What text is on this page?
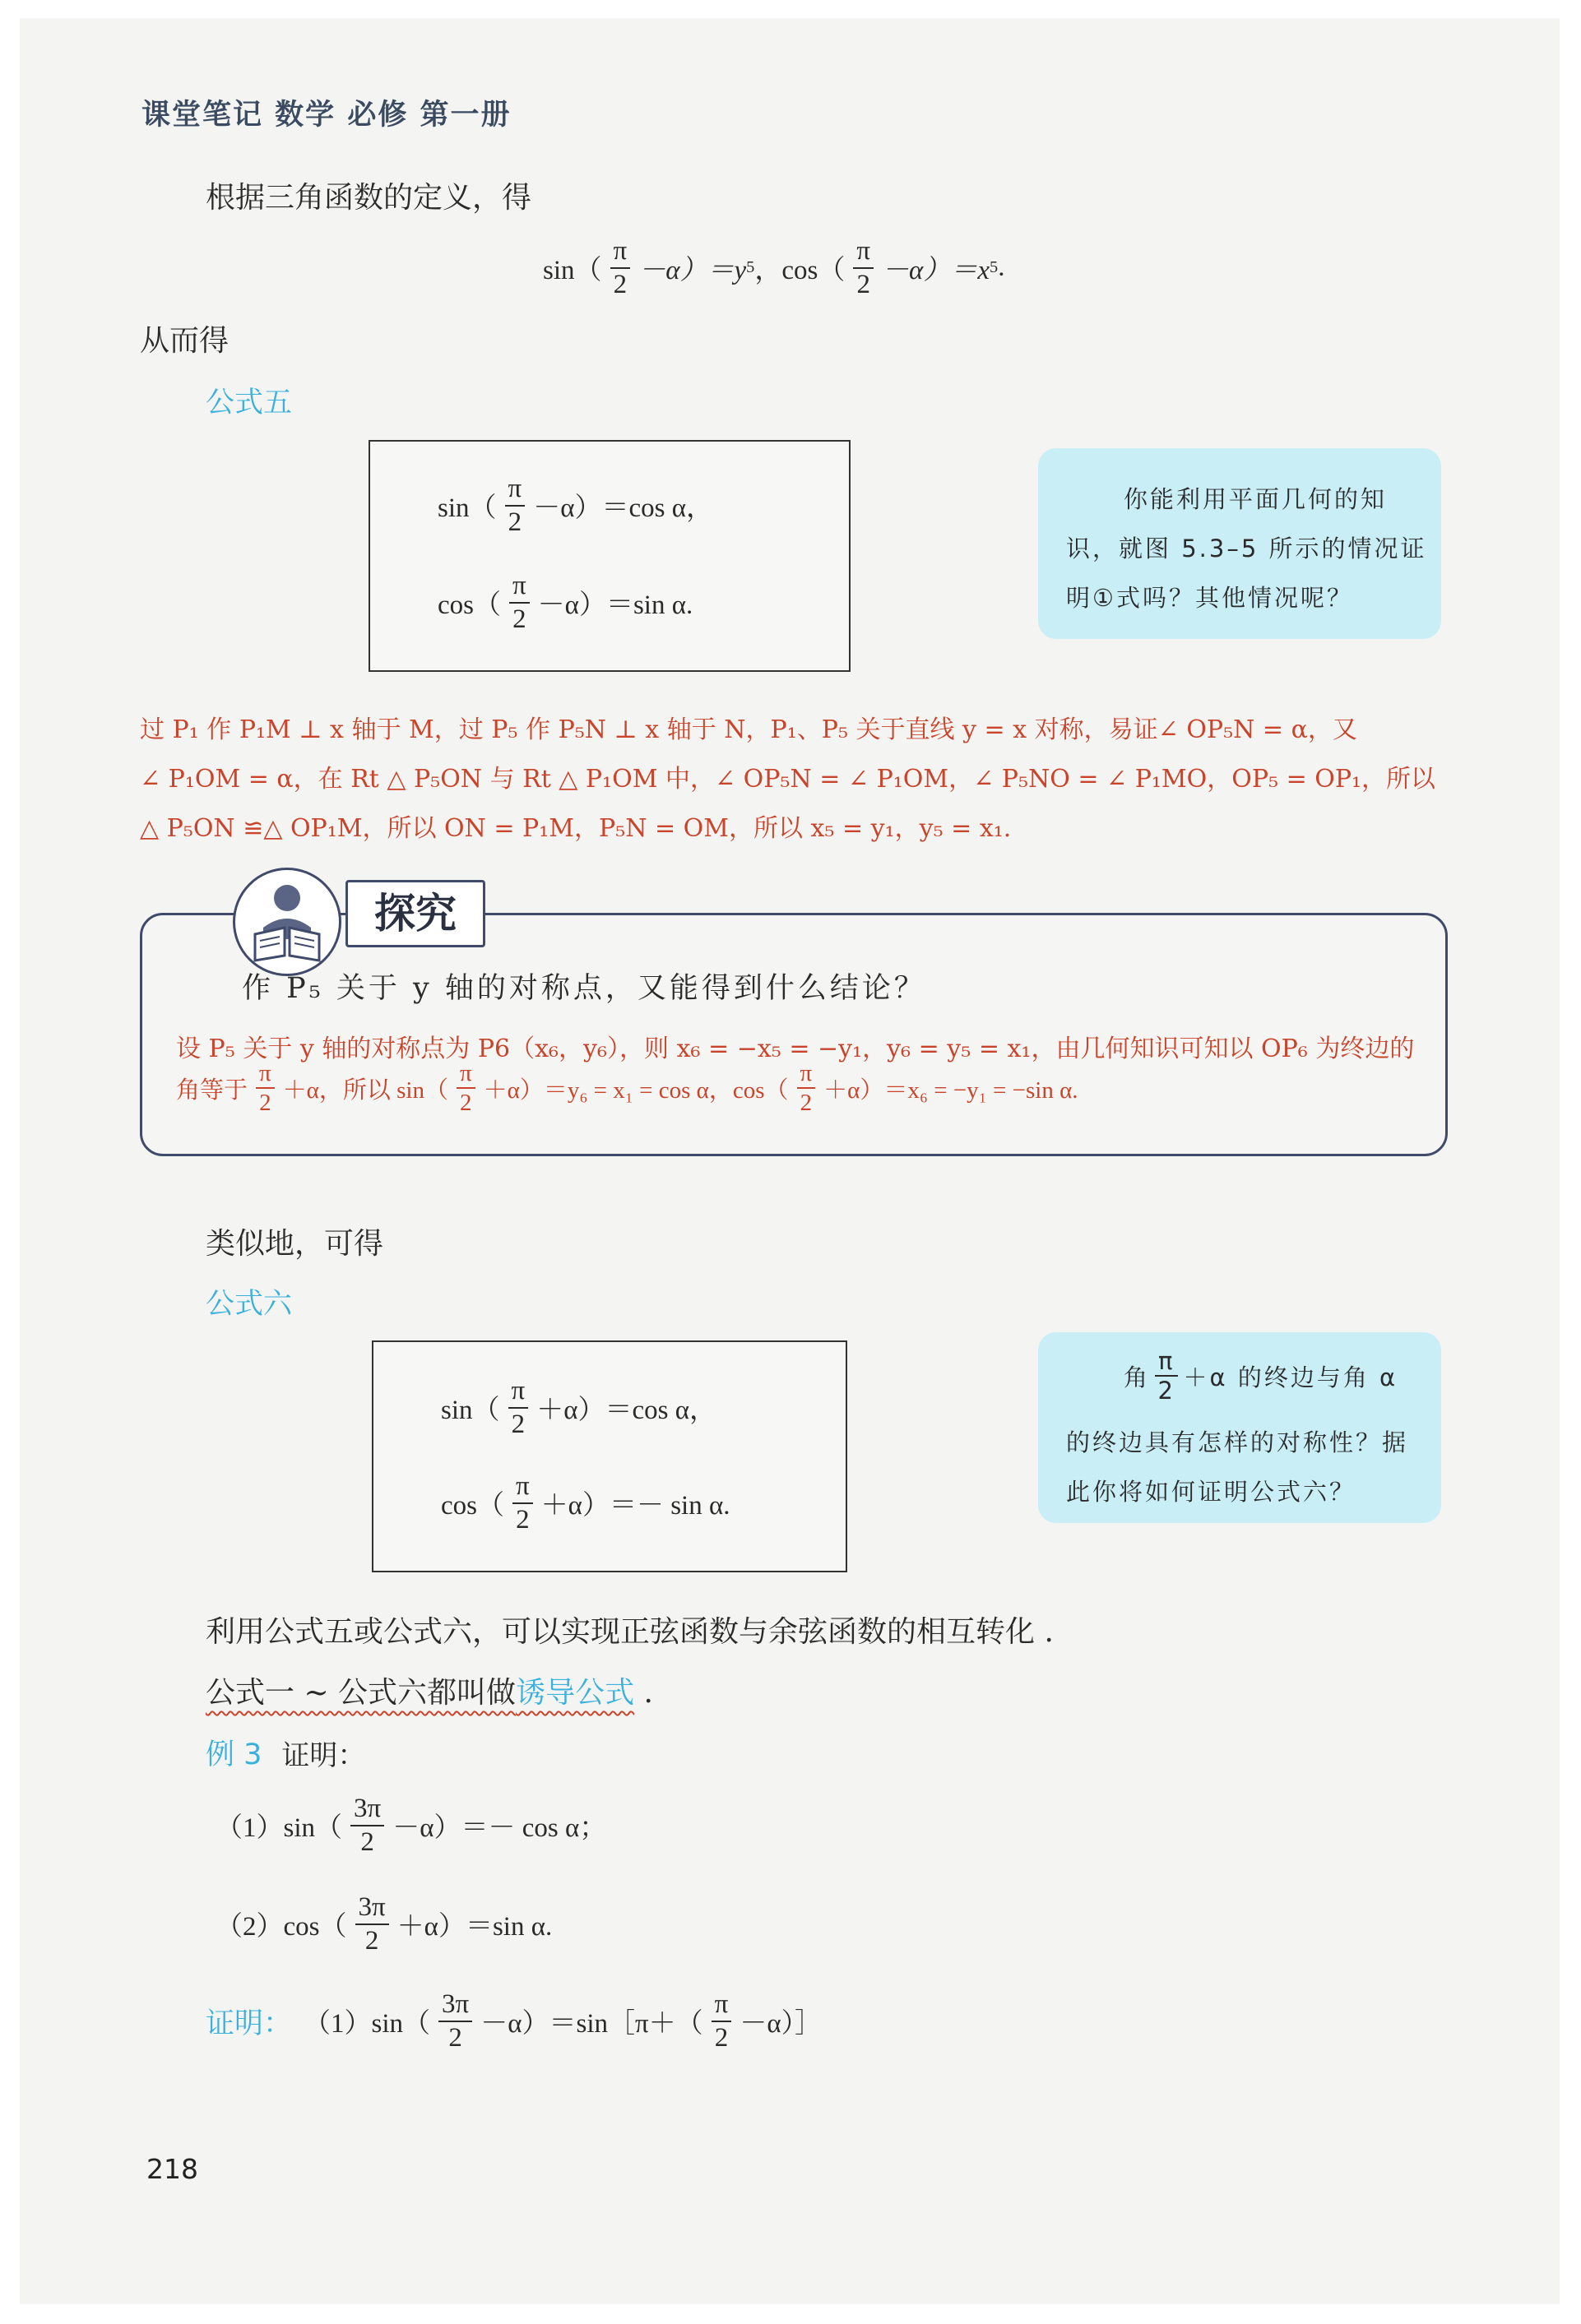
课堂笔记 数学 必修 第一册
根据三角函数的定义，得
$\sin( \frac{\pi}{2} -\alpha)=y$ 5 ，$\cos( \frac{\pi}{2} -\alpha)=x$ 5 .
从而得
公式五
$\sin( \frac{\pi}{2} -\alpha)=\cos$ α，
$\cos( \frac{\pi}{2} -\alpha)=\sin$ α.
你能利用平面几何的知
识，就图 5.3–5 所示的情况证
明①式吗？其他情况呢？
过 P₁ 作 P₁M ⊥ x 轴于 M，过 P₅ 作 P₅N ⊥ x 轴于 N，P₁、P₅ 关于直线 y = x 对称，易证∠ OP₅N = α，又
∠ P₁OM = α，在 Rt △ P₅ON 与 Rt △ P₁OM 中，∠ OP₅N = ∠ P₁OM，∠ P₅NO = ∠ P₁MO，OP₅ = OP₁，所以
△ P₅ON ≌△ OP₁M，所以 ON = P₁M，P₅N = OM，所以 x₅ = y₁，y₅ = x₁.
探究
作 P₅ 关于 y 轴的对称点，又能得到什么结论？
设 P₅ 关于 y 轴的对称点为 P6（x₆，y₆），则 x₆ = −x₅ = −y₁，y₆ = y₅ = x₁，由几何知识可知以 OP₆ 为终边的
角等于 $\frac{\pi}{2} +\alpha$，所以 $\sin( \frac{\pi}{2} +\alpha)=y_6 = x_1 = \cos \alpha$，$\cos( \frac{\pi}{2} +\alpha)=x_6 = -y_1 = -\sin$ α.
类似地，可得
公式六
$\sin( \frac{\pi}{2} +\alpha)=\cos$ α，
$\cos( \frac{\pi}{2} +\alpha)=- \sin \alpha$.
角 $\frac{\pi}{2} +\alpha$ 的终边与角 α
的终边具有怎样的对称性？据
此你将如何证明公式六？
利用公式五或公式六，可以实现正弦函数与余弦函数的相互转化 .
公式一 ~ 公式六都叫做诱导公式 .
例 3 证明：
$(1)\sin( \frac{3\pi}{2} -\alpha)=- \cos \alpha$；
$(2)\cos( \frac{3\pi}{2} +\alpha)=\sin$ α.
证明： $(1)\sin( \frac{3\pi}{2}$ －α）＝sin［π＋（ $\frac{\pi}{2}$ －α）］
218
